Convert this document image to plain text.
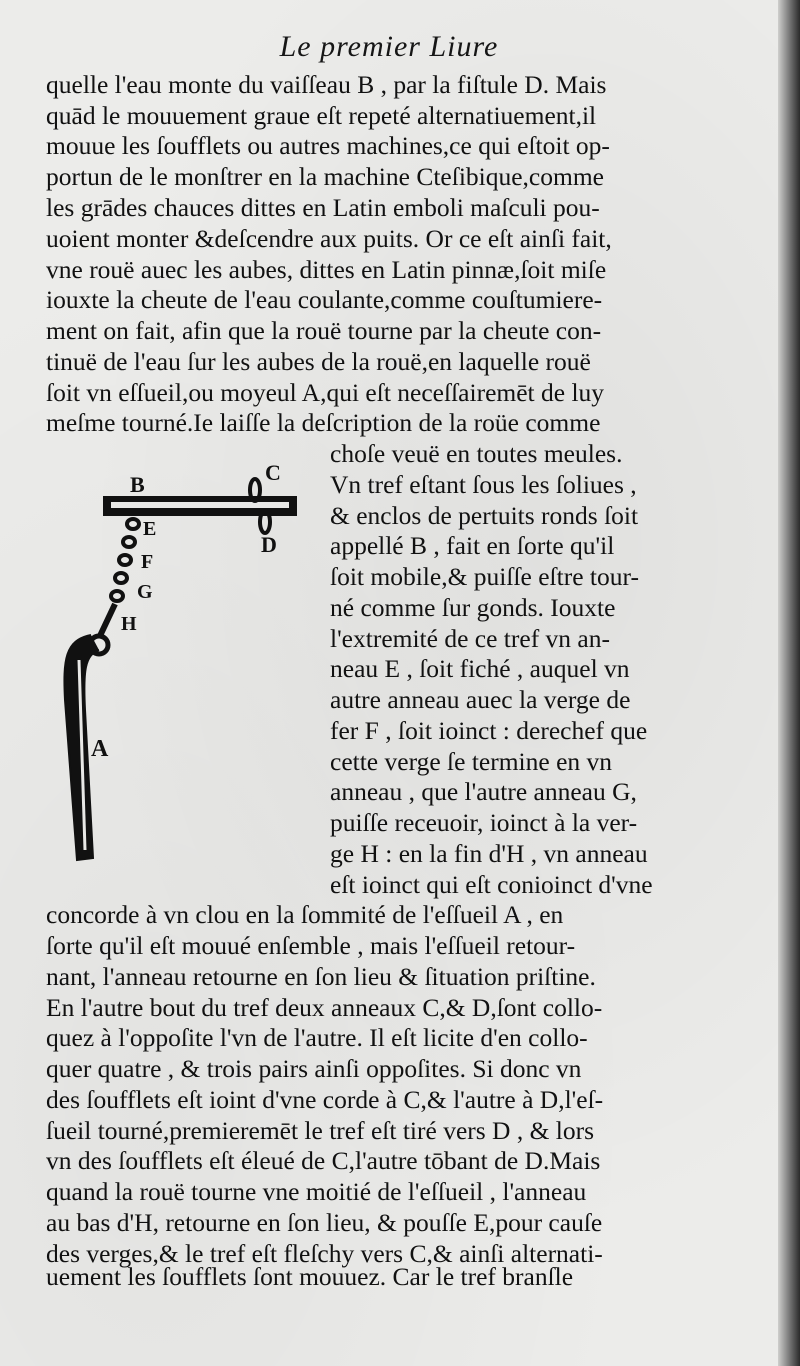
Le premier Liure
quelle l'eau monte du vaiſſeau B , par la fiſtule D. Mais
quād le mouuement graue eſt repeté alternatiuement,il
mouue les ſoufflets ou autres machines,ce qui eſtoit op-
portun de le monſtrer en la machine Cteſibique,comme
les grādes chauces dittes en Latin emboli maſculi pou-
uoient monter &deſcendre aux puits. Or ce eſt ainſi fait,
vne rouë auec les aubes, dittes en Latin pinnæ,ſoit miſe
iouxte la cheute de l'eau coulante,comme couſtumiere-
ment on fait, afin que la rouë tourne par la cheute con-
tinuë de l'eau ſur les aubes de la rouë,en laquelle rouë
ſoit vn eſſueil,ou moyeul A,qui eſt neceſſairemēt de luy
meſme tourné.Ie laiſſe la deſcription de la roüe comme
choſe veuë en toutes meules.
Vn tref eſtant ſous les ſoliues ,
& enclos de pertuits ronds ſoit
appellé B , fait en ſorte qu'il
ſoit mobile,& puiſſe eſtre tour-
né comme ſur gonds. Iouxte
l'extremité de ce tref vn an-
neau E , ſoit fiché , auquel vn
autre anneau auec la verge de
fer F , ſoit ioinct : derechef que
cette verge ſe termine en vn
anneau , que l'autre anneau G,
puiſſe receuoir, ioinct à la ver-
ge H : en la fin d'H , vn anneau
eſt ioinct qui eſt conioinct d'vne
concorde à vn clou en la ſommité de l'eſſueil A , en
ſorte qu'il eſt mouué enſemble , mais l'eſſueil retour-
nant, l'anneau retourne en ſon lieu & ſituation priſtine.
En l'autre bout du tref deux anneaux C,& D,ſont collo-
quez à l'oppoſite l'vn de l'autre. Il eſt licite d'en collo-
quer quatre , & trois pairs ainſi oppoſites. Si donc vn
des ſoufflets eſt ioint d'vne corde à C,& l'autre à D,l'eſ-
ſueil tourné,premieremēt le tref eſt tiré vers D , & lors
vn des ſoufflets eſt éleué de C,l'autre tōbant de D.Mais
quand la rouë tourne vne moitié de l'eſſueil , l'anneau
au bas d'H, retourne en ſon lieu, & pouſſe E,pour cauſe
des verges,& le tref eſt fleſchy vers C,& ainſi alternati-
uement les ſoufflets ſont mouuez. Car le tref branſle
B	C
D
E
F
G
H
A
